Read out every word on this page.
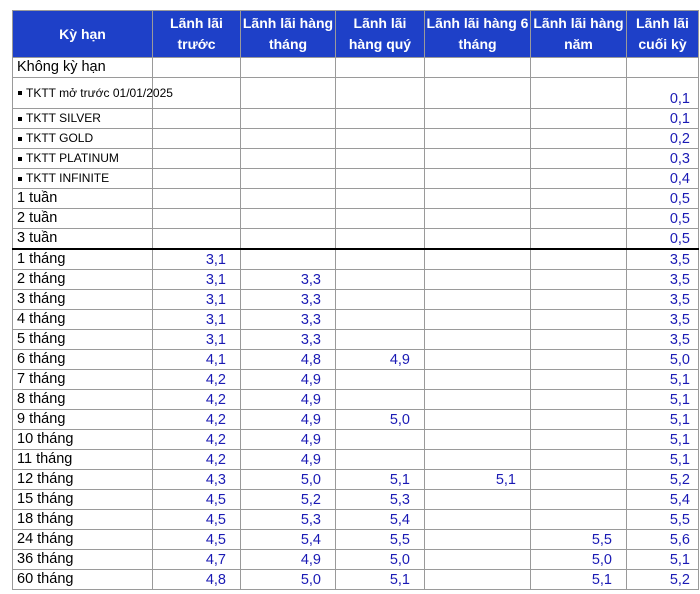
Kỳ hạn	Lãnh lãi trước	Lãnh lãi hàng tháng	Lãnh lãi hàng quý	Lãnh lãi hàng 6 tháng	Lãnh lãi hàng năm	Lãnh lãi cuối kỳ
Không kỳ hạn						
TKTT mở trước 01/01/2025						0,1
TKTT SILVER						0,1
TKTT GOLD						0,2
TKTT PLATINUM						0,3
TKTT INFINITE						0,4
1 tuần						0,5
2 tuần						0,5
3 tuần						0,5
1 tháng	3,1					3,5
2 tháng	3,1	3,3				3,5
3 tháng	3,1	3,3				3,5
4 tháng	3,1	3,3				3,5
5 tháng	3,1	3,3				3,5
6 tháng	4,1	4,8	4,9			5,0
7 tháng	4,2	4,9				5,1
8 tháng	4,2	4,9				5,1
9 tháng	4,2	4,9	5,0			5,1
10 tháng	4,2	4,9				5,1
11 tháng	4,2	4,9				5,1
12 tháng	4,3	5,0	5,1	5,1		5,2
15 tháng	4,5	5,2	5,3			5,4
18 tháng	4,5	5,3	5,4			5,5
24 tháng	4,5	5,4	5,5		5,5	5,6
36 tháng	4,7	4,9	5,0		5,0	5,1
60 tháng	4,8	5,0	5,1		5,1	5,2
